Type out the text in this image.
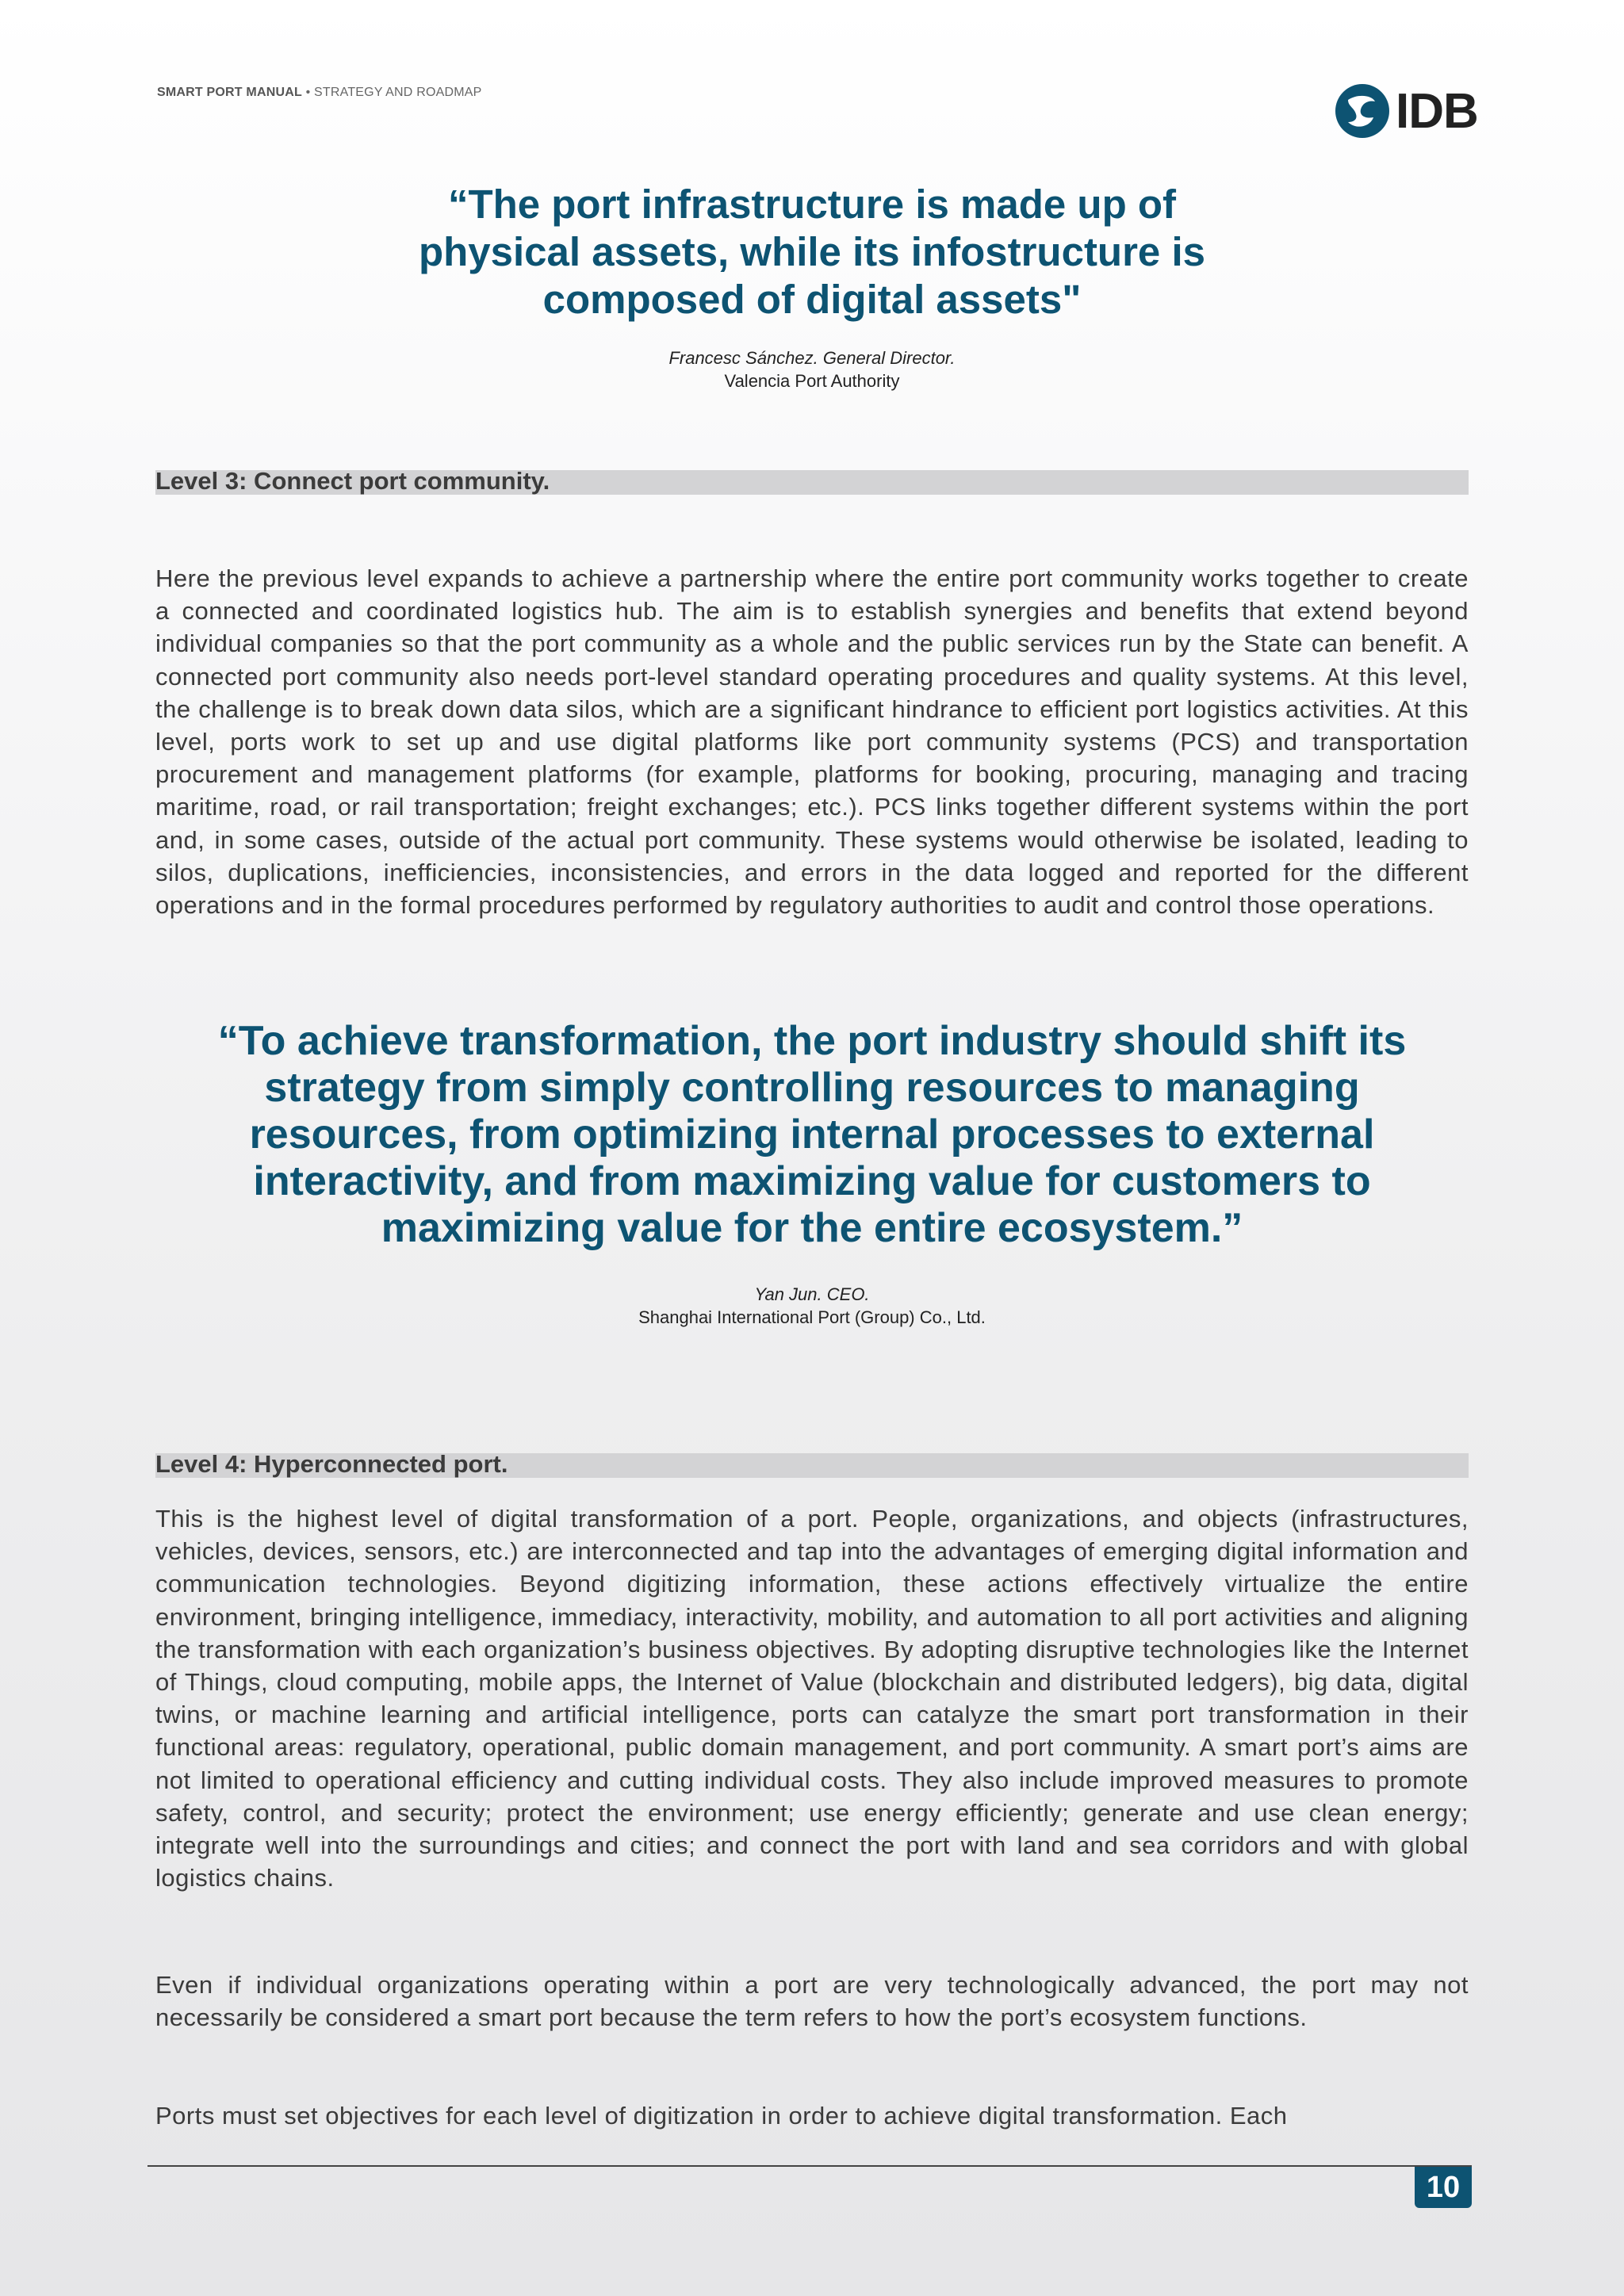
SMART PORT MANUAL • STRATEGY AND ROADMAP	IDB

“The port infrastructure is made up of physical assets, while its infostructure is composed of digital assets"

Francesc Sánchez. General Director.
Valencia Port Authority
Level 3: Connect port community.

Here the previous level expands to achieve a partnership where the entire port community works together to create a connected and coordinated logistics hub. The aim is to establish synergies and benefits that extend beyond individual companies so that the port community as a whole and the public services run by the State can benefit. A connected port community also needs port-level standard operating procedures and quality systems. At this level, the challenge is to break down data silos, which are a significant hindrance to efficient port logistics activities. At this level, ports work to set up and use digital platforms like port community systems (PCS) and transportation procurement and management platforms (for example, platforms for booking, procuring, managing and tracing maritime, road, or rail transportation; freight exchanges; etc.). PCS links together different systems within the port and, in some cases, outside of the actual port community. These systems would otherwise be isolated, leading to silos, duplications, inefficiencies, inconsistencies, and errors in the data logged and reported for the different operations and in the formal procedures performed by regulatory authorities to audit and control those operations.

“To achieve transformation, the port industry should shift its strategy from simply controlling resources to managing resources, from optimizing internal processes to external interactivity, and from maximizing value for customers to maximizing value for the entire ecosystem.”

Yan Jun. CEO.
Shanghai International Port (Group) Co., Ltd.
Level 4: Hyperconnected port.

This is the highest level of digital transformation of a port. People, organizations, and objects (infrastructures, vehicles, devices, sensors, etc.) are interconnected and tap into the advantages of emerging digital information and communication technologies. Beyond digitizing information, these actions effectively virtualize the entire environment, bringing intelligence, immediacy, interactivity, mobility, and automation to all port activities and aligning the transformation with each organization’s business objectives. By adopting disruptive technologies like the Internet of Things, cloud computing, mobile apps, the Internet of Value (blockchain and distributed ledgers), big data, digital twins, or machine learning and artificial intelligence, ports can catalyze the smart port transformation in their functional areas: regulatory, operational, public domain management, and port community. A smart port’s aims are not limited to operational efficiency and cutting individual costs. They also include improved measures to promote safety, control, and security; protect the environment; use energy efficiently; generate and use clean energy; integrate well into the surroundings and cities; and connect the port with land and sea corridors and with global logistics chains.

Even if individual organizations operating within a port are very technologically advanced, the port may not necessarily be considered a smart port because the term refers to how the port’s ecosystem functions.

Ports must set objectives for each level of digitization in order to achieve digital transformation. Each

10
